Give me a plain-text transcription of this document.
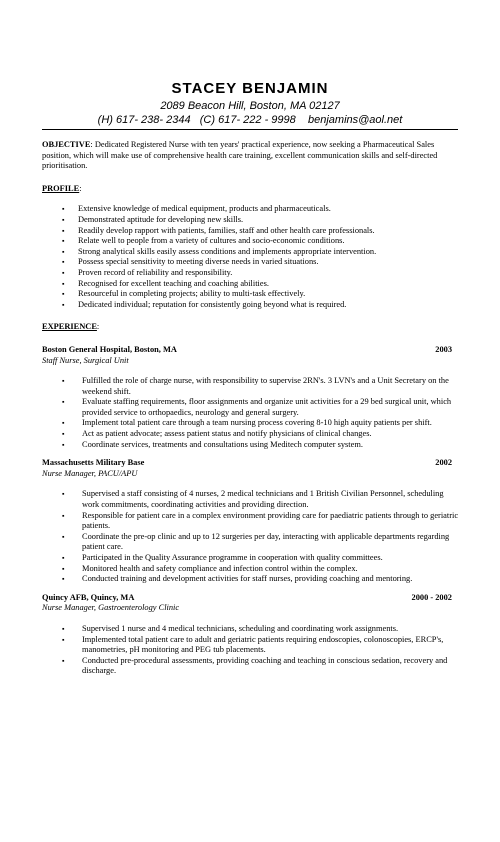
STACEY BENJAMIN
2089 Beacon Hill, Boston, MA 02127
(H) 617- 238- 2344   (C) 617- 222 - 9998    benjamins@aol.net

OBJECTIVE: Dedicated Registered Nurse with ten years' practical experience, now seeking a Pharmaceutical Sales position, which will make use of comprehensive health care training, excellent communication skills and self-directed prioritisation.

PROFILE:

▪ Extensive knowledge of medical equipment, products and pharmaceuticals.
▪ Demonstrated aptitude for developing new skills.
▪ Readily develop rapport with patients, families, staff and other health care professionals.
▪ Relate well to people from a variety of cultures and socio-economic conditions.
▪ Strong analytical skills easily assess conditions and implements appropriate intervention.
▪ Possess special sensitivity to meeting diverse needs in varied situations.
▪ Proven record of reliability and responsibility.
▪ Recognised for excellent teaching and coaching abilities.
▪ Resourceful in completing projects; ability to multi-task effectively.
▪ Dedicated individual; reputation for consistently going beyond what is required.

EXPERIENCE:

Boston General Hospital, Boston, MA	2003

Staff Nurse, Surgical Unit

▪ Fulfilled the role of charge nurse, with responsibility to supervise 2RN's. 3 LVN's and a Unit Secretary on the weekend shift.
▪ Evaluate staffing requirements, floor assignments and organize unit activities for a 29 bed surgical unit, which provided service to orthopaedics, neurology and general surgery.
▪ Implement total patient care through a team nursing process covering 8-10 high aquity patients per shift.
▪ Act as patient advocate; assess patient status and notify physicians of clinical changes.
▪ Coordinate services, treatments and consultations using Meditech computer system.

Massachusetts Military Base	2002

Nurse Manager, PACU/APU

▪ Supervised a staff consisting of 4 nurses, 2 medical technicians and 1 British Civilian Personnel, scheduling work commitments, coordinating activities and providing direction.
▪ Responsible for patient care in a complex environment providing care for paediatric patients through to geriatric patients.
▪ Coordinate the pre-op clinic and up to 12 surgeries per day, interacting with applicable departments regarding patient care.
▪ Participated in the Quality Assurance programme in cooperation with quality committees.
▪ Monitored health and safety compliance and infection control within the complex.
▪ Conducted training and development activities for staff nurses, providing coaching and mentoring.

Quincy AFB, Quincy, MA	2000 - 2002

Nurse Manager, Gastroenterology Clinic

▪ Supervised 1 nurse and 4 medical technicians, scheduling and coordinating work assignments.
▪ Implemented total patient care to adult and geriatric patients requiring endoscopies, colonoscopies, ERCP's, manometries, pH monitoring and PEG tub placements.
▪ Conducted pre-procedural assessments, providing coaching and teaching in conscious sedation, recovery and discharge.
